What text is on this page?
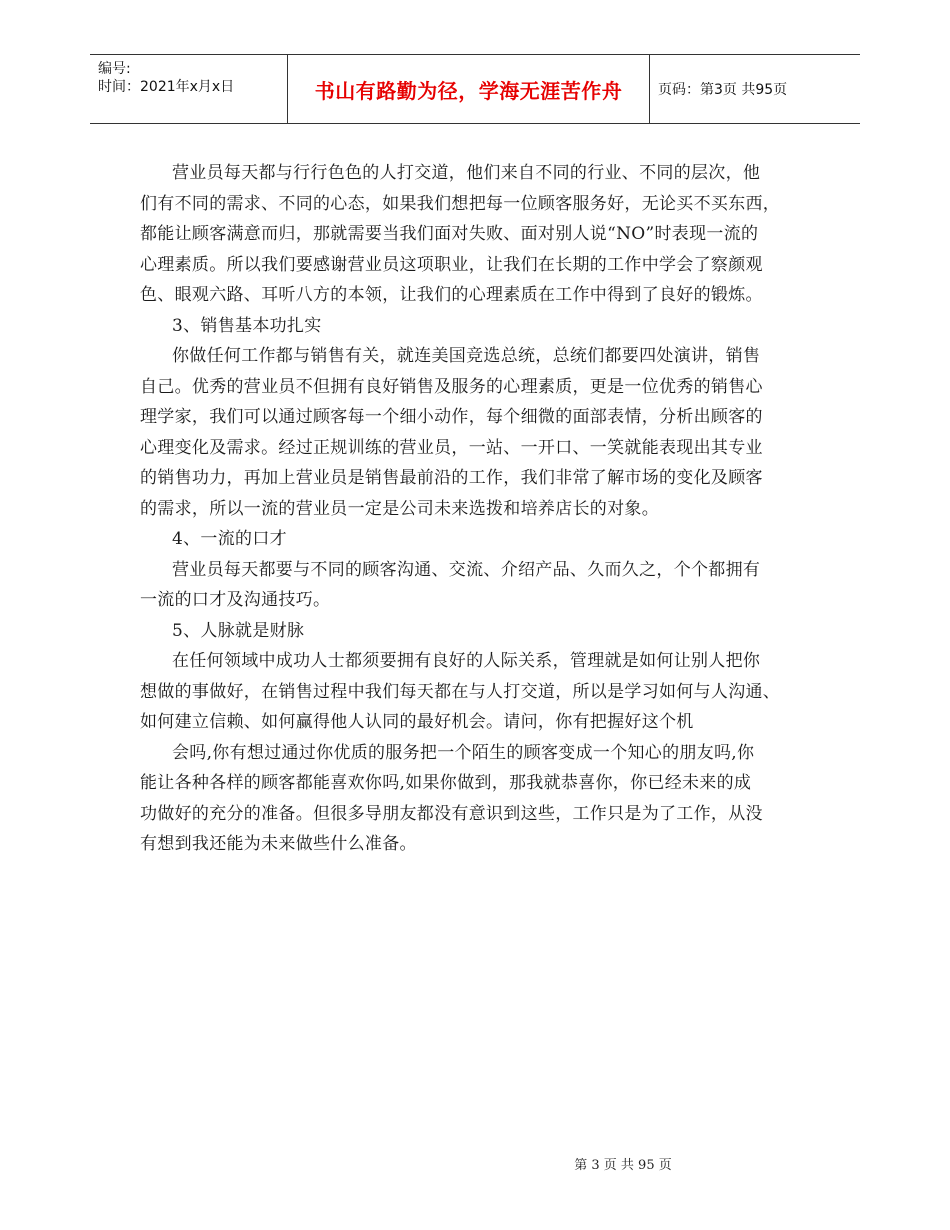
编号:
时间：2021年x月x日	书山有路勤为径，学海无涯苦作舟	页码：第3页 共95页
营业员每天都与行行色色的人打交道，他们来自不同的行业、不同的层次，他
们有不同的需求、不同的心态，如果我们想把每一位顾客服务好，无论买不买东西，
都能让顾客满意而归，那就需要当我们面对失败、面对别人说“NO”时表现一流的
心理素质。所以我们要感谢营业员这项职业，让我们在长期的工作中学会了察颜观
色、眼观六路、耳听八方的本领，让我们的心理素质在工作中得到了良好的锻炼。
3、销售基本功扎实
你做任何工作都与销售有关，就连美国竞选总统，总统们都要四处演讲，销售
自己。优秀的营业员不但拥有良好销售及服务的心理素质，更是一位优秀的销售心
理学家，我们可以通过顾客每一个细小动作，每个细微的面部表情，分析出顾客的
心理变化及需求。经过正规训练的营业员，一站、一开口、一笑就能表现出其专业
的销售功力，再加上营业员是销售最前沿的工作，我们非常了解市场的变化及顾客
的需求，所以一流的营业员一定是公司未来选拨和培养店长的对象。
4、一流的口才
营业员每天都要与不同的顾客沟通、交流、介绍产品、久而久之，个个都拥有
一流的口才及沟通技巧。
5、人脉就是财脉
在任何领域中成功人士都须要拥有良好的人际关系，管理就是如何让别人把你
想做的事做好，在销售过程中我们每天都在与人打交道，所以是学习如何与人沟通、
如何建立信赖、如何赢得他人认同的最好机会。请问，你有把握好这个机
会吗,你有想过通过你优质的服务把一个陌生的顾客变成一个知心的朋友吗,你
能让各种各样的顾客都能喜欢你吗,如果你做到，那我就恭喜你，你已经未来的成
功做好的充分的准备。但很多导朋友都没有意识到这些，工作只是为了工作，从没
有想到我还能为未来做些什么准备。
第 3 页 共 95 页
